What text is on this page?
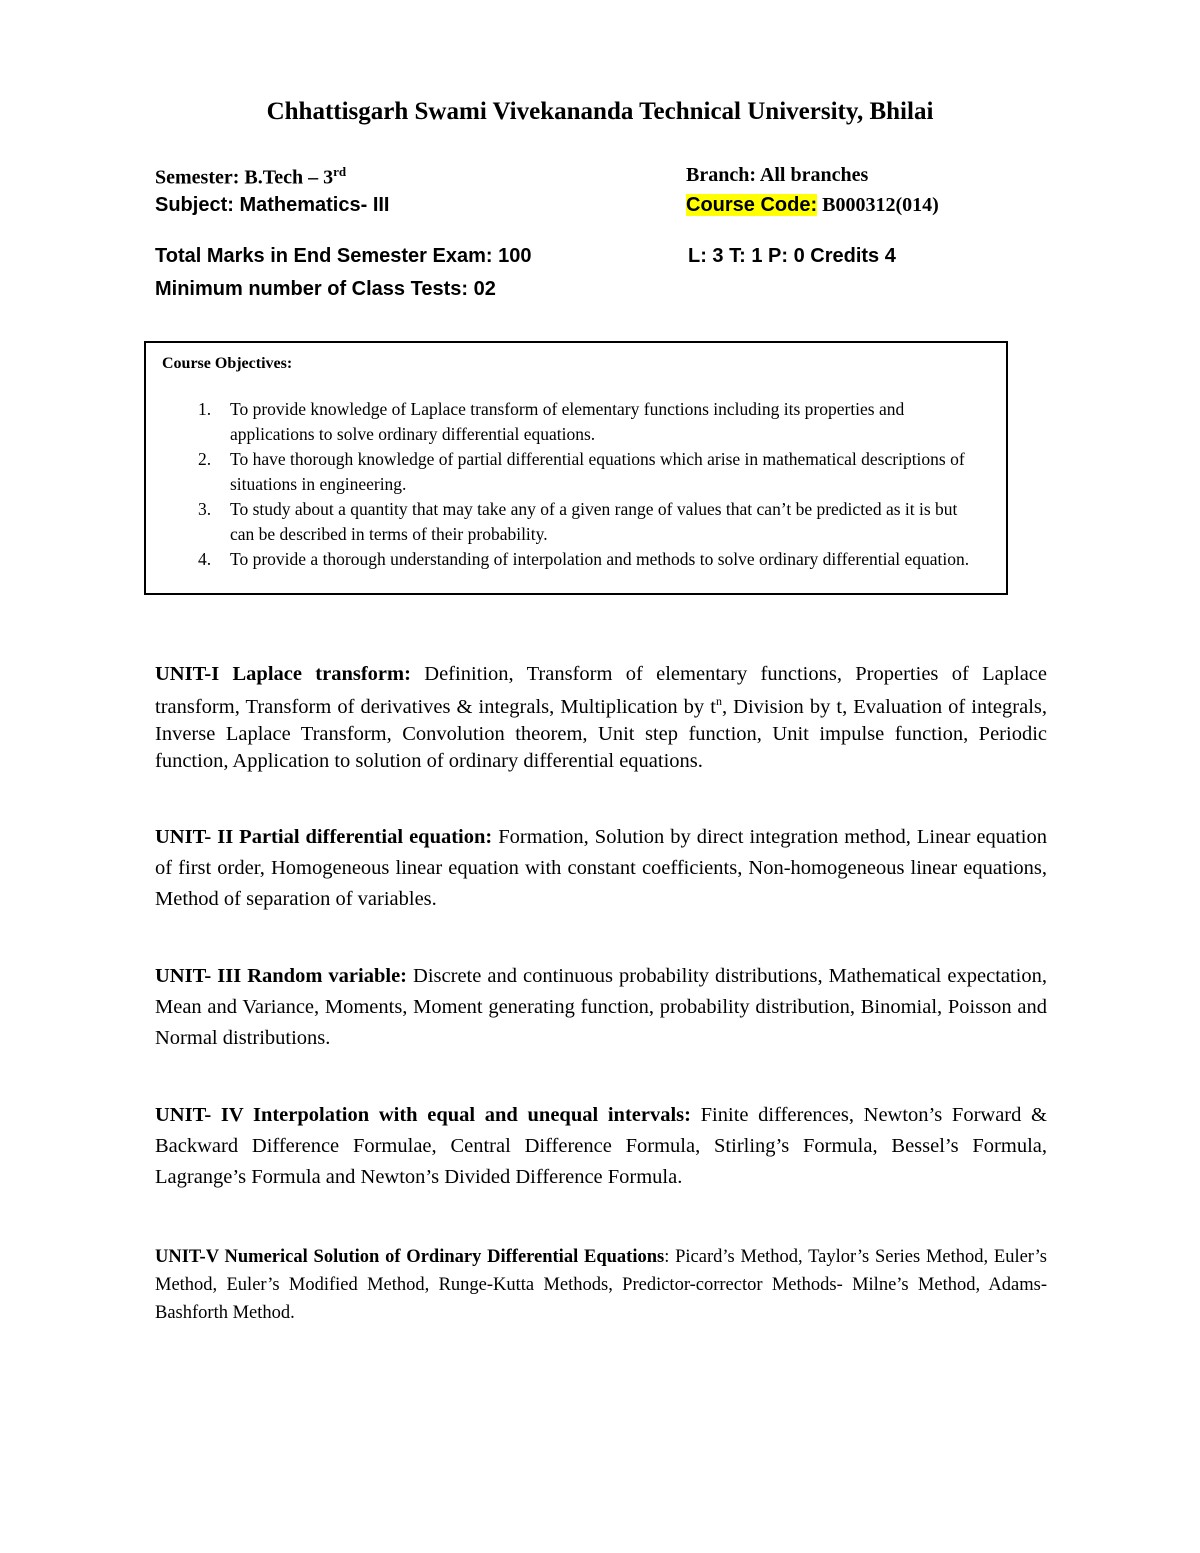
Chhattisgarh Swami Vivekananda Technical University, Bhilai
Semester: B.Tech – 3rd	Branch: All branches
Subject: Mathematics- III	Course Code: B000312(014)
Total Marks in End Semester Exam: 100	L: 3 T: 1 P: 0 Credits 4
Minimum number of Class Tests: 02
Course Objectives:
1. To provide knowledge of Laplace transform of elementary functions including its properties and applications to solve ordinary differential equations.
2. To have thorough knowledge of partial differential equations which arise in mathematical descriptions of situations in engineering.
3. To study about a quantity that may take any of a given range of values that can’t be predicted as it is but can be described in terms of their probability.
4. To provide a thorough understanding of interpolation and methods to solve ordinary differential equation.
UNIT-I Laplace transform: Definition, Transform of elementary functions, Properties of Laplace transform, Transform of derivatives & integrals, Multiplication by $t^n$, Division by t, Evaluation of integrals, Inverse Laplace Transform, Convolution theorem, Unit step function, Unit impulse function, Periodic function, Application to solution of ordinary differential equations.
UNIT- II Partial differential equation: Formation, Solution by direct integration method, Linear equation of first order, Homogeneous linear equation with constant coefficients, Non-homogeneous linear equations, Method of separation of variables.
UNIT- III Random variable: Discrete and continuous probability distributions, Mathematical expectation, Mean and Variance, Moments, Moment generating function, probability distribution, Binomial, Poisson and Normal distributions.
UNIT- IV Interpolation with equal and unequal intervals: Finite differences, Newton’s Forward & Backward Difference Formulae, Central Difference Formula, Stirling’s Formula, Bessel’s Formula, Lagrange’s Formula and Newton’s Divided Difference Formula.
UNIT-V Numerical Solution of Ordinary Differential Equations: Picard’s Method, Taylor’s Series Method, Euler’s Method, Euler’s Modified Method, Runge-Kutta Methods, Predictor-corrector Methods- Milne’s Method, Adams-Bashforth Method.
